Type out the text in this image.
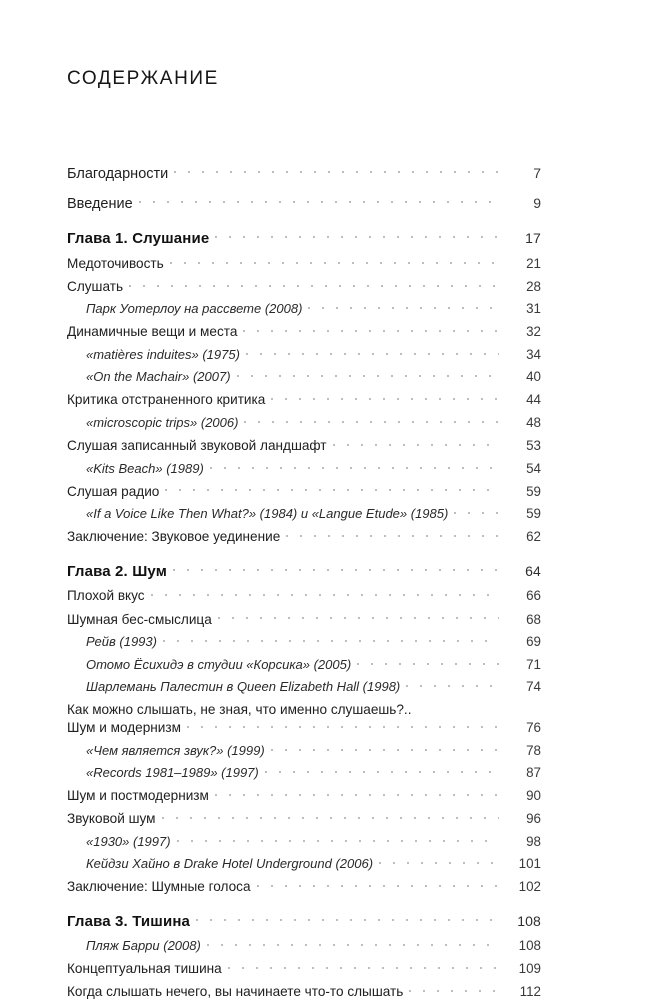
СОДЕРЖАНИЕ
Благодарности	7
Введение	9
Глава 1. Слушание	17
Медоточивость	21
Слушать	28
Парк Уотерлоу на рассвете (2008)	31
Динамичные вещи и места	32
«matières induites» (1975)	34
«On the Machair» (2007)	40
Критика отстраненного критика	44
«microscopic trips» (2006)	48
Слушая записанный звуковой ландшафт	53
«Kits Beach» (1989)	54
Слушая радио	59
«If a Voice Like Then What?» (1984) и «Langue Etude» (1985)	59
Заключение: Звуковое уединение	62
Глава 2. Шум	64
Плохой вкус	66
Шумная бес-смыслица	68
Рейв (1993)	69
Отомо Ёсихидэ в студии «Корсика» (2005)	71
Шарлемань Палестин в Queen Elizabeth Hall (1998)	74
Как можно слышать, не зная, что именно слушаешь?..
Шум и модернизм	76
«Чем является звук?» (1999)	78
«Records 1981–1989» (1997)	87
Шум и постмодернизм	90
Звуковой шум	96
«1930» (1997)	98
Кейдзи Хайно в Drake Hotel Underground (2006)	101
Заключение: Шумные голоса	102
Глава 3. Тишина	108
Пляж Барри (2008)	108
Концептуальная тишина	109
Когда слышать нечего, вы начинаете что-то слышать	112
